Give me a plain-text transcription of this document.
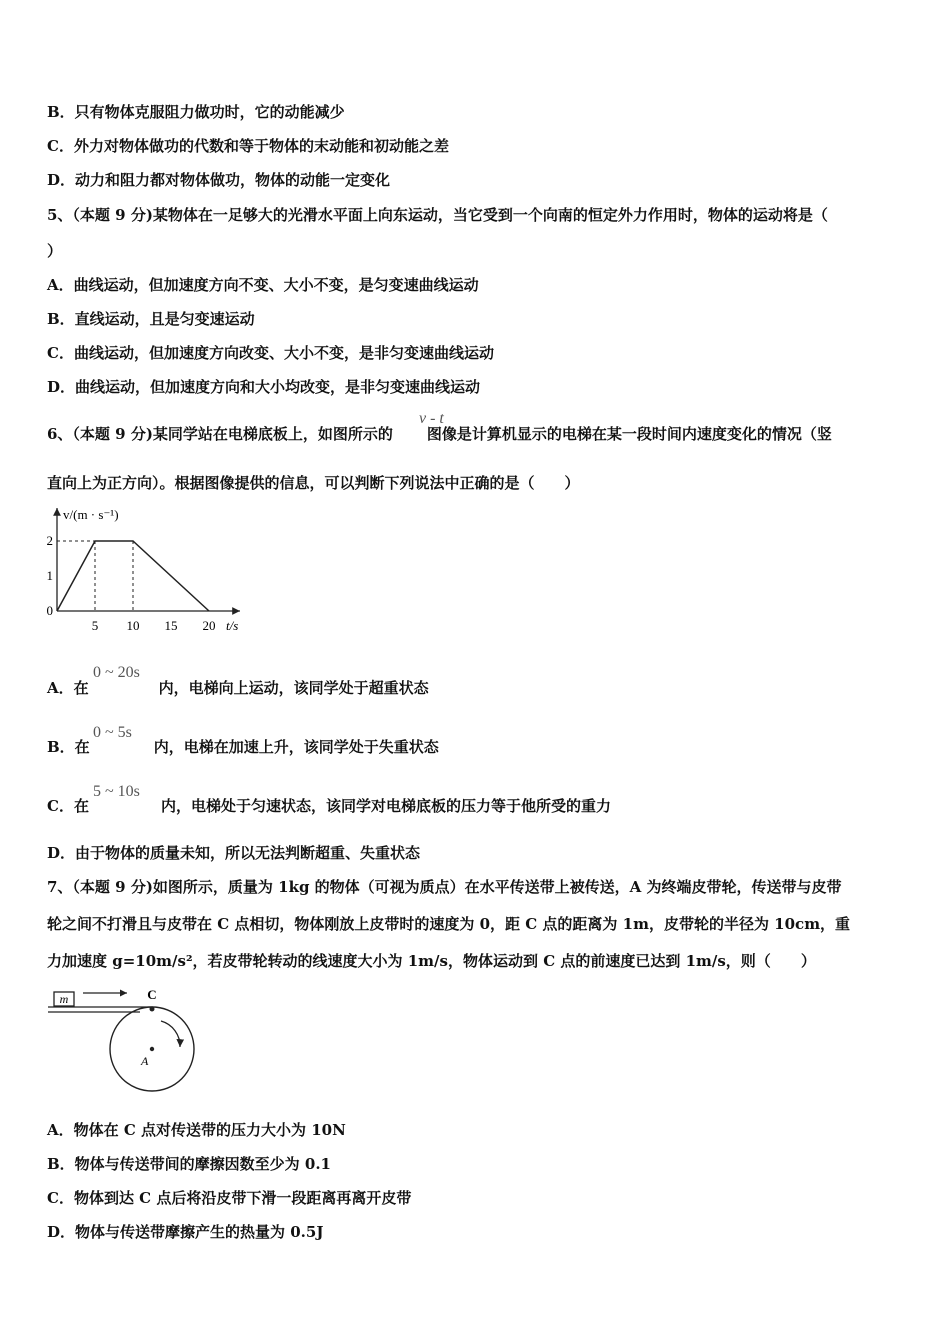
B．只有物体克服阻力做功时，它的动能减少
C．外力对物体做功的代数和等于物体的末动能和初动能之差
D．动力和阻力都对物体做功，物体的动能一定变化
5、（本题 9 分)某物体在一足够大的光滑水平面上向东运动，当它受到一个向南的恒定外力作用时，物体的运动将是（
）
A．曲线运动，但加速度方向不变、大小不变，是匀变速曲线运动
B．直线运动，且是匀变速运动
C．曲线运动，但加速度方向改变、大小不变，是非匀变速曲线运动
D．曲线运动，但加速度方向和大小均改变，是非匀变速曲线运动
6、（本题 9 分)某同学站在电梯底板上，如图所示的 图像是计算机显示的电梯在某一段时间内速度变化的情况（竖
v - t
直向上为正方向）。根据图像提供的信息，可以判断下列说法中正确的是（　　）
v/(m · s⁻¹)
t/s
5 10 15 20
2
1
0
A．在	内，电梯向上运动，该同学处于超重状态
0 ~ 20s
B．在	内，电梯在加速上升，该同学处于失重状态
0 ~ 5s
C．在	内，电梯处于匀速状态，该同学对电梯底板的压力等于他所受的重力
5 ~ 10s
D．由于物体的质量未知，所以无法判断超重、失重状态
7、（本题 9 分)如图所示，质量为 1kg 的物体（可视为质点）在水平传送带上被传送，A 为终端皮带轮，传送带与皮带
轮之间不打滑且与皮带在 C 点相切，物体刚放上皮带时的速度为 0，距 C 点的距离为 1m，皮带轮的半径为 10cm，重
力加速度 g=10m/s²，若皮带轮转动的线速度大小为 1m/s，物体运动到 C 点的前速度已达到 1m/s，则（　　）
m	C
A
A．物体在 C 点对传送带的压力大小为 10N
B．物体与传送带间的摩擦因数至少为 0.1
C．物体到达 C 点后将沿皮带下滑一段距离再离开皮带
D．物体与传送带摩擦产生的热量为 0.5J
